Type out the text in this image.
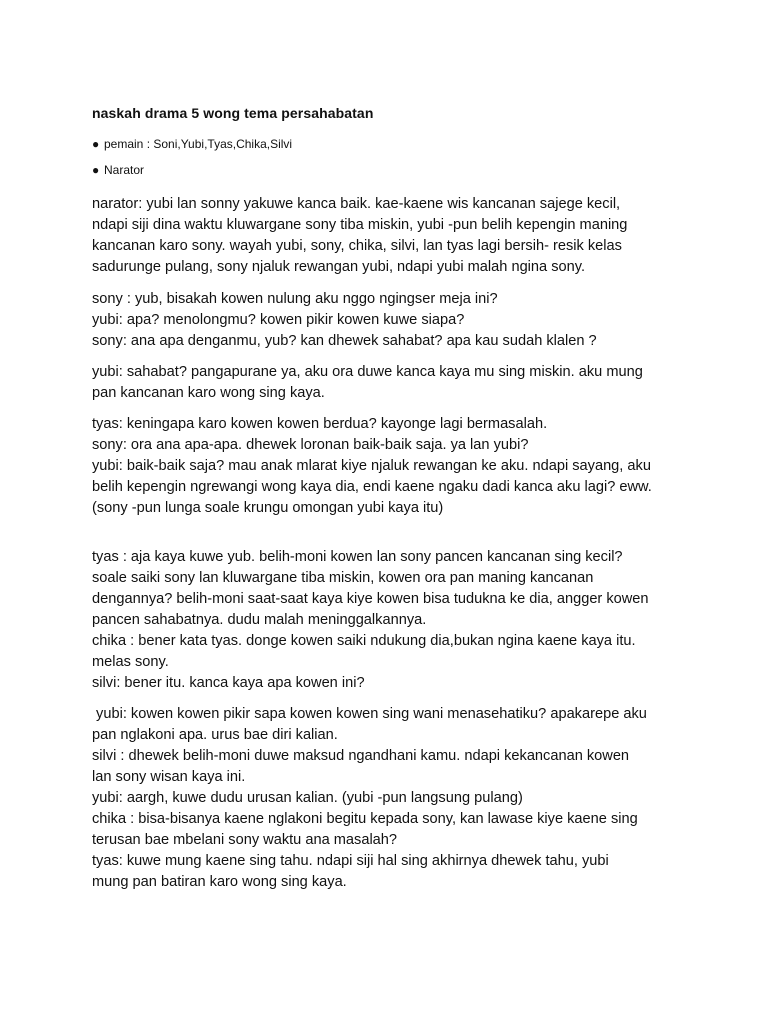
naskah drama 5 wong tema persahabatan
● pemain : Soni,Yubi,Tyas,Chika,Silvi
● Narator
narator: yubi lan sonny yakuwe kanca baik. kae-kaene wis kancanan sajege kecil,
ndapi siji dina waktu kluwargane sony tiba miskin, yubi -pun belih kepengin maning
kancanan karo sony. wayah yubi, sony, chika, silvi, lan tyas lagi bersih- resik kelas
sadurunge pulang, sony njaluk rewangan yubi, ndapi yubi malah ngina sony.
sony : yub, bisakah kowen nulung aku nggo ngingser meja ini?
yubi: apa? menolongmu? kowen pikir kowen kuwe siapa?
sony: ana apa denganmu, yub? kan dhewek sahabat? apa kau sudah klalen ?
yubi: sahabat? pangapurane ya, aku ora duwe kanca kaya mu sing miskin. aku mung
pan kancanan karo wong sing kaya.
tyas: keningapa karo kowen kowen berdua? kayonge lagi bermasalah.
sony: ora ana apa-apa. dhewek loronan baik-baik saja. ya lan yubi?
yubi: baik-baik saja? mau anak mlarat kiye njaluk rewangan ke aku. ndapi sayang, aku
belih kepengin ngrewangi wong kaya dia, endi kaene ngaku dadi kanca aku lagi? eww.
(sony -pun lunga soale krungu omongan yubi kaya itu)
tyas : aja kaya kuwe yub. belih-moni kowen lan sony pancen kancanan sing kecil?
soale saiki sony lan kluwargane tiba miskin, kowen ora pan maning kancanan
dengannya? belih-moni saat-saat kaya kiye kowen bisa tudukna ke dia, angger kowen
pancen sahabatnya. dudu malah meninggalkannya.
chika : bener kata tyas. donge kowen saiki ndukung dia,bukan ngina kaene kaya itu.
melas sony.
silvi: bener itu. kanca kaya apa kowen ini?
yubi: kowen kowen pikir sapa kowen kowen sing wani menasehatiku? apakarepe aku
pan nglakoni apa. urus bae diri kalian.
silvi : dhewek belih-moni duwe maksud ngandhani kamu. ndapi kekancanan kowen
lan sony wisan kaya ini.
yubi: aargh, kuwe dudu urusan kalian. (yubi -pun langsung pulang)
chika : bisa-bisanya kaene nglakoni begitu kepada sony, kan lawase kiye kaene sing
terusan bae mbelani sony waktu ana masalah?
tyas: kuwe mung kaene sing tahu. ndapi siji hal sing akhirnya dhewek tahu, yubi
mung pan batiran karo wong sing kaya.
